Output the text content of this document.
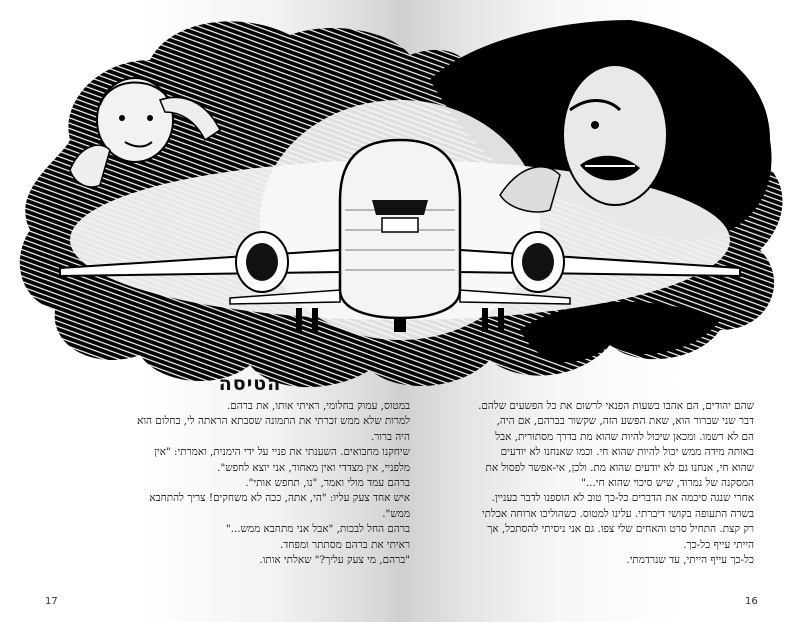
הטיסה

במטוס, עמוק בחלומי, ראיתי אותו, את ברהם.

למרות שלא ממש זכרתי את התמונה שסבתא הראתה לי, בחלום הוא

היה ברור.

שיחקנו מחבואים. השענתי את פניי על ידי הימנית, ואמרתי: "אין

מלפניי, אין מצדדי ואין מאחור, אני יוצא לחפש".

ברהם עמד מולי ואמר, "נו, תחפש אותי".

איש אחד צעק עליו: "הי, אתה, ככה לא משחקים! צריך להתחבא

ממש".

ברהם החל לבכות, "אבל אני מתחבא ממש..."

ראיתי את ברהם מסתתר ומפחד.

"ברהם, מי צעק עליך?" שאלתי אותו.

שהם יהודים, הם אהבו בשעות הפנאי לרשום את כל הפשעים שלהם.

דבר שני שברור הוא, שאת הפשע הזה, שקשור בברהם, אם היה,

הם לא רשמו. ומכאן שיכול להיות שהוא מת בדרך מסתורית, אבל

באותה מידה ממש יכול להיות שהוא חי. וכמו שאנחנו לא יודעים

שהוא חי, אנחנו גם לא יודעים שהוא מת. ולכן, אי-אפשר לפסול את

המסקנה של נמרוד, שיש סיכוי שהוא חי..."

אחרי שנגה סיכמה את הדברים כל-כך טוב לא הוספנו לדבר בעניין.

בשרה התעופה בקושי דיברתי. עלינו למטוס. כשהוליכו ארוחה אכלתי

רק קצת. התחיל סרט והאחים שלי צפו. גם אני ניסיתי להסתכל, אך

הייתי עייף כל-כך.

כל-כך עייף הייתי, עד שנרדמתי.

17	16
